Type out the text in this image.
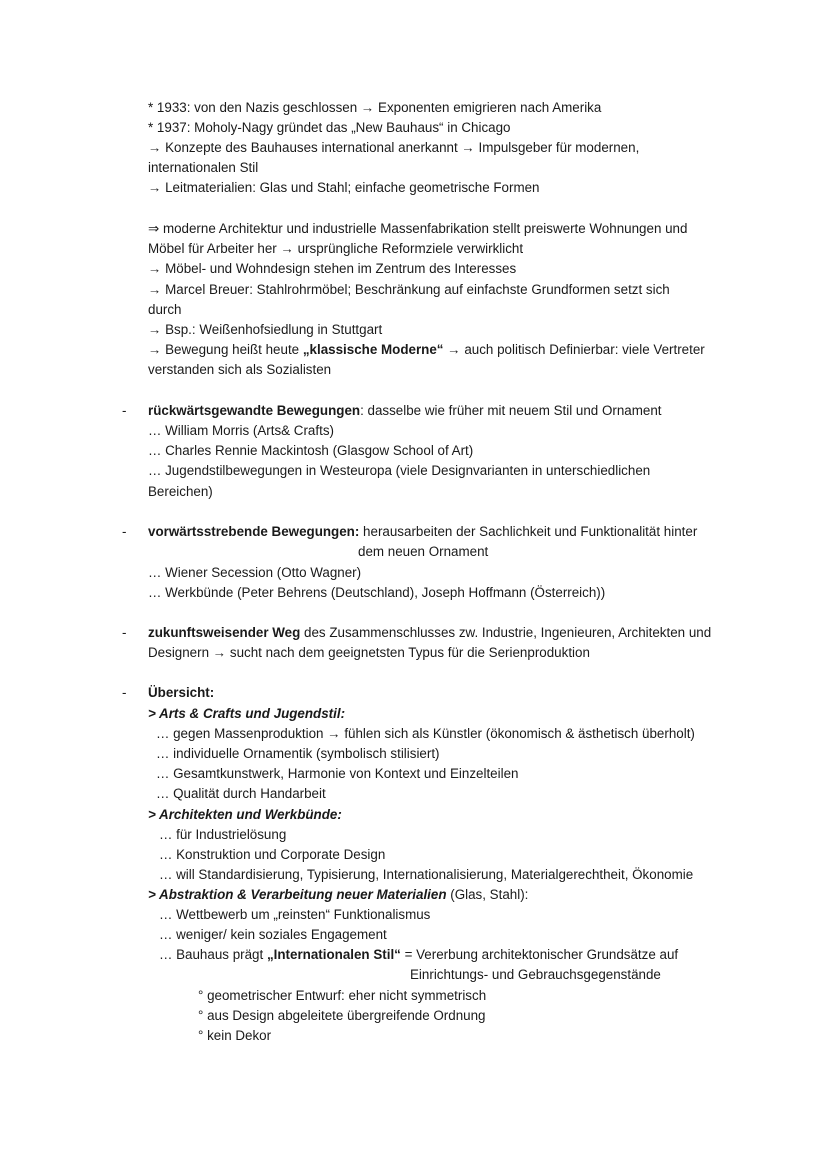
* 1933: von den Nazis geschlossen → Exponenten emigrieren nach Amerika
* 1937: Moholy-Nagy gründet das „New Bauhaus“ in Chicago
→ Konzepte des Bauhauses international anerkannt → Impulsgeber für modernen,
internationalen Stil
→ Leitmaterialien: Glas und Stahl; einfache geometrische Formen
⇒ moderne Architektur und industrielle Massenfabrikation stellt preiswerte Wohnungen und
Möbel für Arbeiter her → ursprüngliche Reformziele verwirklicht
→ Möbel- und Wohndesign stehen im Zentrum des Interesses
→ Marcel Breuer: Stahlrohrmöbel; Beschränkung auf einfachste Grundformen setzt sich
durch
→ Bsp.: Weißenhofsiedlung in Stuttgart
→ Bewegung heißt heute „klassische Moderne“ → auch politisch Definierbar: viele Vertreter
verstanden sich als Sozialisten
- rückwärtsgewandte Bewegungen: dasselbe wie früher mit neuem Stil und Ornament
… William Morris (Arts& Crafts)
… Charles Rennie Mackintosh (Glasgow School of Art)
… Jugendstilbewegungen in Westeuropa (viele Designvarianten in unterschiedlichen
Bereichen)
- vorwärtsstrebende Bewegungen: herausarbeiten der Sachlichkeit und Funktionalität hinter
dem neuen Ornament
… Wiener Secession (Otto Wagner)
… Werkbünde (Peter Behrens (Deutschland), Joseph Hoffmann (Österreich))
- zukunftsweisender Weg des Zusammenschlusses zw. Industrie, Ingenieuren, Architekten und
Designern → sucht nach dem geeignetsten Typus für die Serienproduktion
- Übersicht:
> Arts & Crafts und Jugendstil:
… gegen Massenproduktion → fühlen sich als Künstler (ökonomisch & ästhetisch überholt)
… individuelle Ornamentik (symbolisch stilisiert)
… Gesamtkunstwerk, Harmonie von Kontext und Einzelteilen
… Qualität durch Handarbeit
> Architekten und Werkbünde:
… für Industrielösung
… Konstruktion und Corporate Design
… will Standardisierung, Typisierung, Internationalisierung, Materialgerechtheit, Ökonomie
> Abstraktion & Verarbeitung neuer Materialien (Glas, Stahl):
… Wettbewerb um „reinsten“ Funktionalismus
… weniger/ kein soziales Engagement
… Bauhaus prägt „Internationalen Stil“ = Vererbung architektonischer Grundsätze auf
Einrichtungs- und Gebrauchsgegenstände
° geometrischer Entwurf: eher nicht symmetrisch
° aus Design abgeleitete übergreifende Ordnung
° kein Dekor
